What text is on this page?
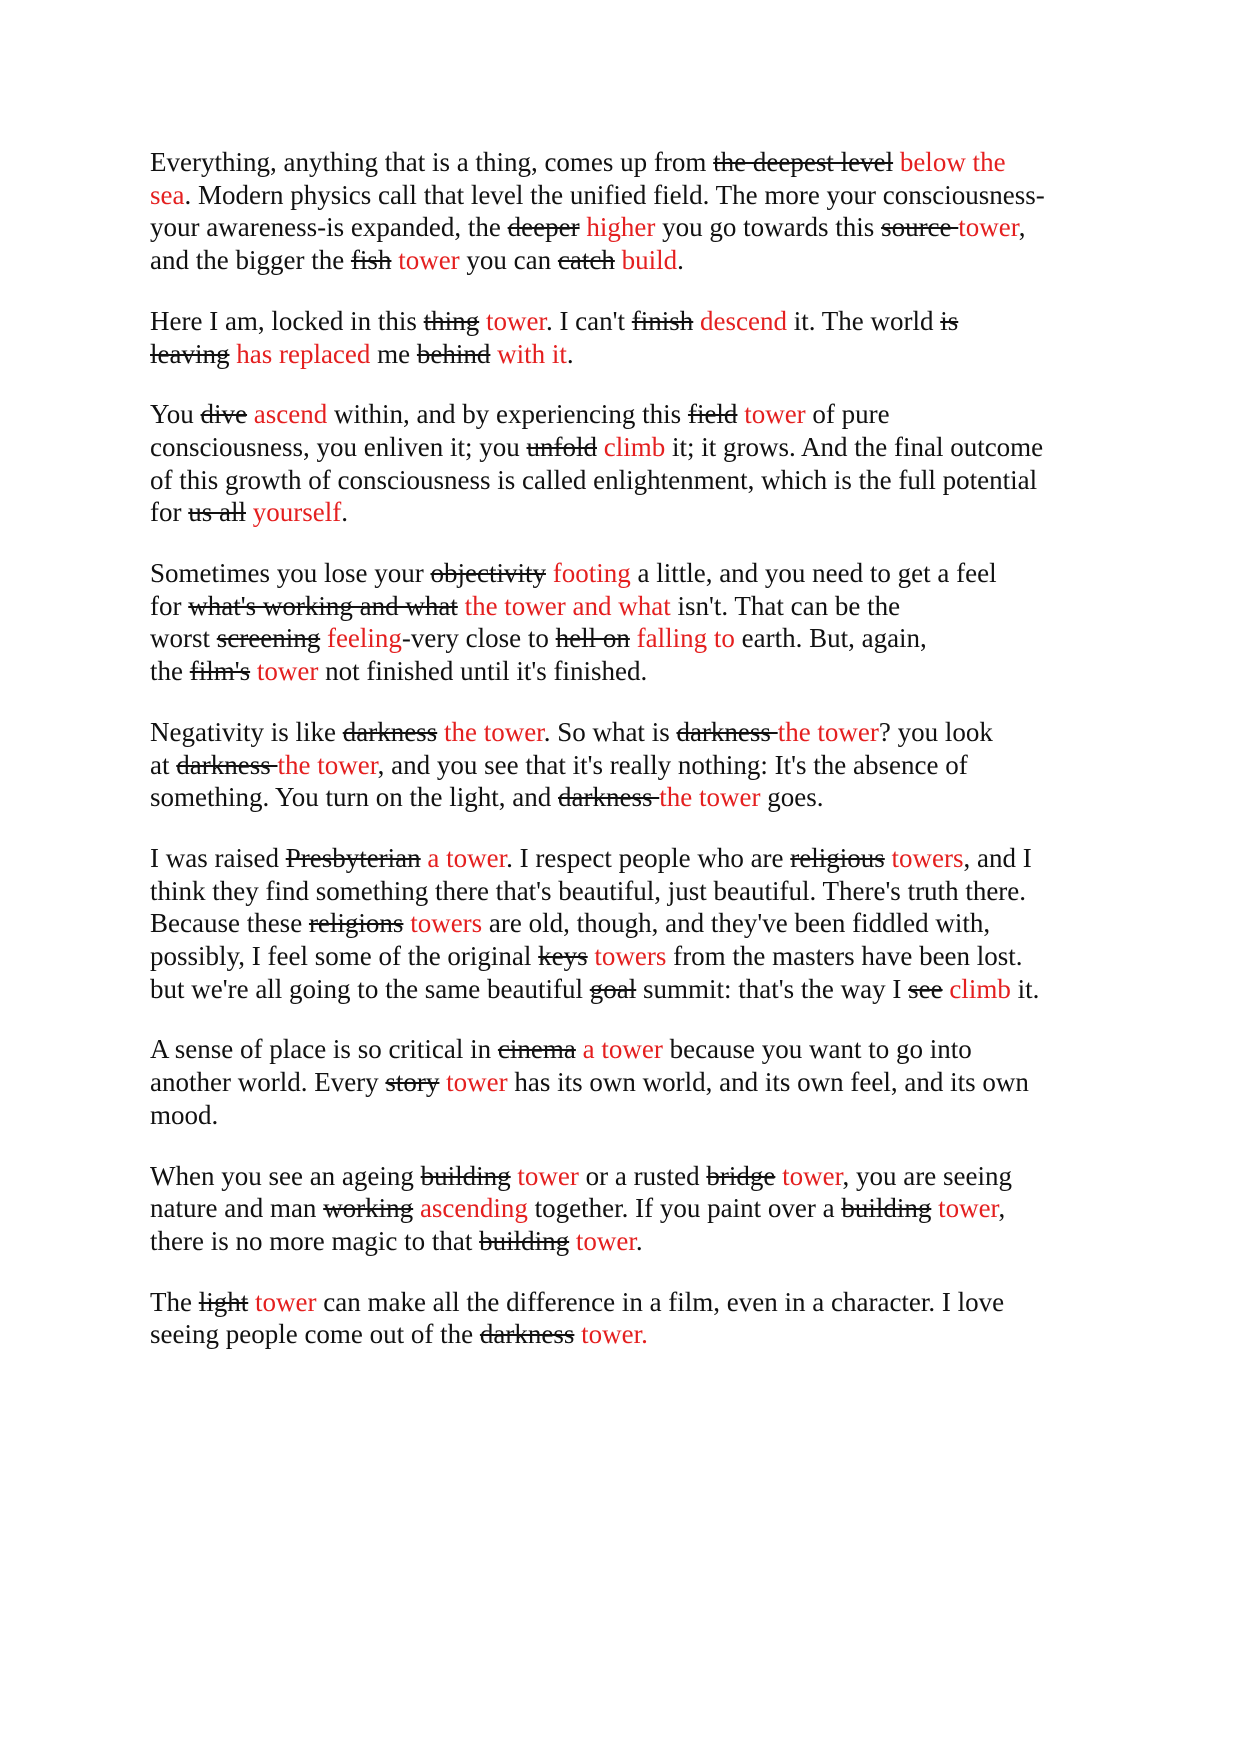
Everything, anything that is a thing, comes up from the deepest level below the
sea. Modern physics call that level the unified field. The more your consciousness-
your awareness-is expanded, the deeper higher you go towards this source tower,
and the bigger the fish tower you can catch build.

Here I am, locked in this thing tower. I can't finish descend it. The world is
leaving has replaced me behind with it.

You dive ascend within, and by experiencing this field tower of pure
consciousness, you enliven it; you unfold climb it; it grows. And the final outcome
of this growth of consciousness is called enlightenment, which is the full potential
for us all yourself.

Sometimes you lose your objectivity footing a little, and you need to get a feel
for what's working and what the tower and what isn't. That can be the
worst screening feeling-very close to hell on falling to earth. But, again,
the film's tower not finished until it's finished.

Negativity is like darkness the tower. So what is darkness the tower? you look
at darkness the tower, and you see that it's really nothing: It's the absence of
something. You turn on the light, and darkness the tower goes.

I was raised Presbyterian a tower. I respect people who are religious towers, and I
think they find something there that's beautiful, just beautiful. There's truth there.
Because these religions towers are old, though, and they've been fiddled with,
possibly, I feel some of the original keys towers from the masters have been lost.
but we're all going to the same beautiful goal summit: that's the way I see climb it.

A sense of place is so critical in cinema a tower because you want to go into
another world. Every story tower has its own world, and its own feel, and its own
mood.

When you see an ageing building tower or a rusted bridge tower, you are seeing
nature and man working ascending together. If you paint over a building tower,
there is no more magic to that building tower.

The light tower can make all the difference in a film, even in a character. I love
seeing people come out of the darkness tower.
